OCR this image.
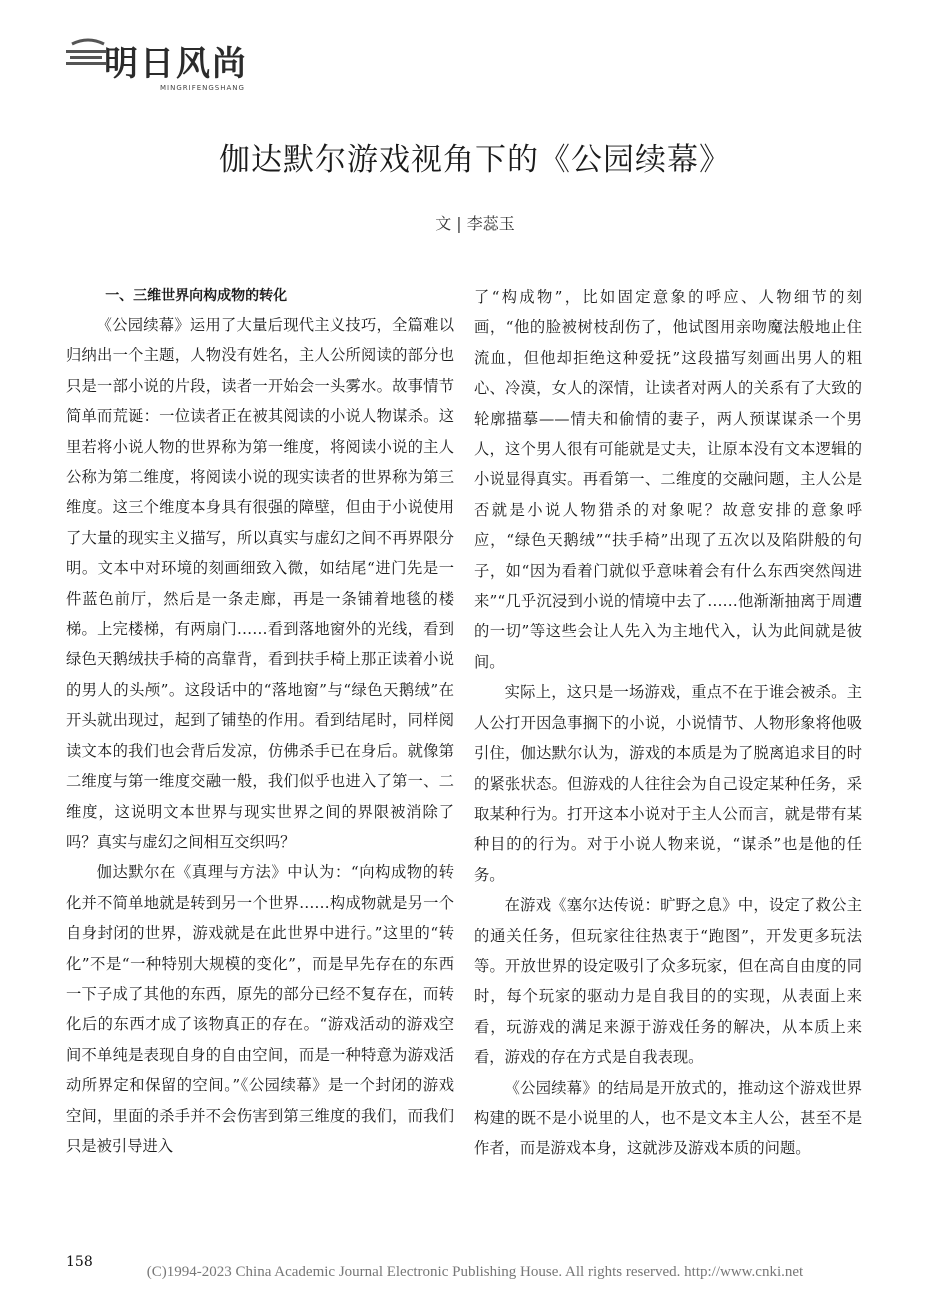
明日风尚
MINGRIFENGSHANG
伽达默尔游戏视角下的《公园续幕》
文 | 李蕊玉
一、三维世界向构成物的转化

《公园续幕》运用了大量后现代主义技巧，全篇难以归纳出一个主题，人物没有姓名，主人公所阅读的部分也只是一部小说的片段，读者一开始会一头雾水。故事情节简单而荒诞：一位读者正在被其阅读的小说人物谋杀。这里若将小说人物的世界称为第一维度，将阅读小说的主人公称为第二维度，将阅读小说的现实读者的世界称为第三维度。这三个维度本身具有很强的障壁，但由于小说使用了大量的现实主义描写，所以真实与虚幻之间不再界限分明。文本中对环境的刻画细致入微，如结尾“进门先是一件蓝色前厅，然后是一条走廊，再是一条铺着地毯的楼梯。上完楼梯，有两扇门……看到落地窗外的光线，看到绿色天鹅绒扶手椅的高靠背，看到扶手椅上那正读着小说的男人的头颅”。这段话中的“落地窗”与“绿色天鹅绒”在开头就出现过，起到了铺垫的作用。看到结尾时，同样阅读文本的我们也会背后发凉，仿佛杀手已在身后。就像第二维度与第一维度交融一般，我们似乎也进入了第一、二维度，这说明文本世界与现实世界之间的界限被消除了吗？真实与虚幻之间相互交织吗？

伽达默尔在《真理与方法》中认为：“向构成物的转化并不简单地就是转到另一个世界……构成物就是另一个自身封闭的世界，游戏就是在此世界中进行。”这里的“转化”不是“一种特别大规模的变化”，而是早先存在的东西一下子成了其他的东西，原先的部分已经不复存在，而转化后的东西才成了该物真正的存在。“游戏活动的游戏空间不单纯是表现自身的自由空间，而是一种特意为游戏活动所界定和保留的空间。”《公园续幕》是一个封闭的游戏空间，里面的杀手并不会伤害到第三维度的我们，而我们只是被引导进入

了“构成物”，比如固定意象的呼应、人物细节的刻画，“他的脸被树枝刮伤了，他试图用亲吻魔法般地止住流血，但他却拒绝这种爱抚”这段描写刻画出男人的粗心、冷漠，女人的深情，让读者对两人的关系有了大致的轮廓描摹——情夫和偷情的妻子，两人预谋谋杀一个男人，这个男人很有可能就是丈夫，让原本没有文本逻辑的小说显得真实。再看第一、二维度的交融问题，主人公是否就是小说人物猎杀的对象呢？故意安排的意象呼应，“绿色天鹅绒”“扶手椅”出现了五次以及陷阱般的句子，如“因为看着门就似乎意味着会有什么东西突然闯进来”“几乎沉浸到小说的情境中去了……他渐渐抽离于周遭的一切”等这些会让人先入为主地代入，认为此间就是彼间。

实际上，这只是一场游戏，重点不在于谁会被杀。主人公打开因急事搁下的小说，小说情节、人物形象将他吸引住，伽达默尔认为，游戏的本质是为了脱离追求目的时的紧张状态。但游戏的人往往会为自己设定某种任务，采取某种行为。打开这本小说对于主人公而言，就是带有某种目的的行为。对于小说人物来说，“谋杀”也是他的任务。

在游戏《塞尔达传说：旷野之息》中，设定了救公主的通关任务，但玩家往往热衷于“跑图”，开发更多玩法等。开放世界的设定吸引了众多玩家，但在高自由度的同时，每个玩家的驱动力是自我目的的实现，从表面上来看，玩游戏的满足来源于游戏任务的解决，从本质上来看，游戏的存在方式是自我表现。

《公园续幕》的结局是开放式的，推动这个游戏世界构建的既不是小说里的人，也不是文本主人公，甚至不是作者，而是游戏本身，这就涉及游戏本质的问题。

158
(C)1994-2023 China Academic Journal Electronic Publishing House. All rights reserved. http://www.cnki.net
